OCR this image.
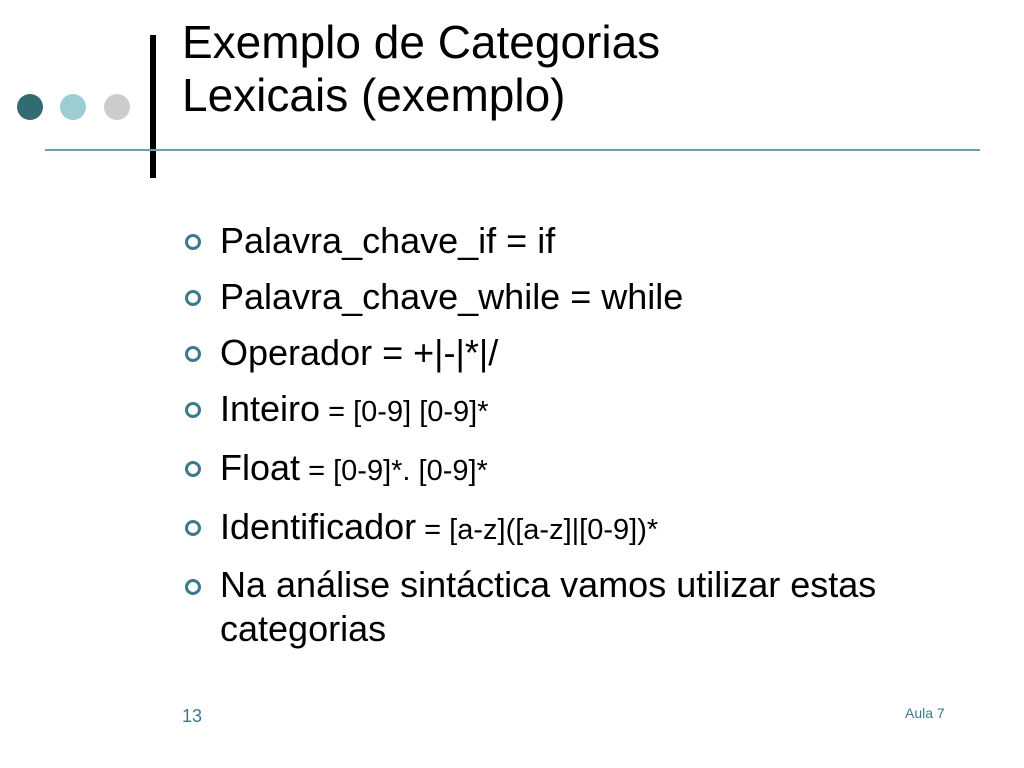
Exemplo de Categorias
Lexicais (exemplo)
Palavra_chave_if = if
Palavra_chave_while = while
Operador = +|-|*|/
Inteiro = [0-9] [0-9]*
Float = [0-9]*. [0-9]*
Identificador = [a-z]([a-z]|[0-9])*
Na análise sintáctica vamos utilizar estas categorias
13	Aula 7
